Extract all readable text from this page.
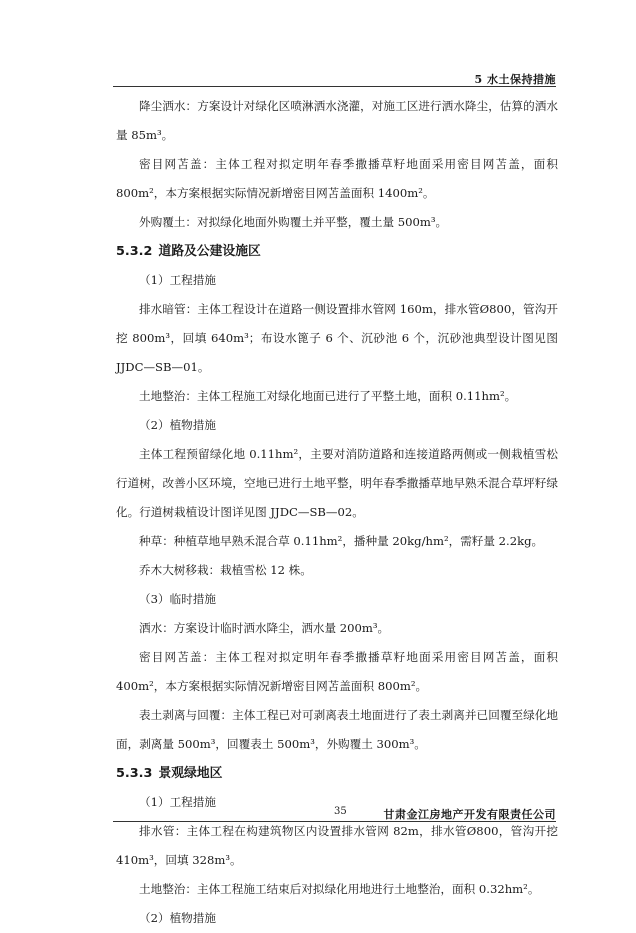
5 水土保持措施

降尘洒水：方案设计对绿化区喷淋洒水浇灌，对施工区进行洒水降尘，估算的洒水量 85m³。

密目网苫盖：主体工程对拟定明年春季撒播草籽地面采用密目网苫盖，面积 800m²，本方案根据实际情况新增密目网苫盖面积 1400m²。

外购覆土：对拟绿化地面外购覆土并平整，覆土量 500m³。

5.3.2 道路及公建设施区

（1）工程措施

排水暗管：主体工程设计在道路一侧设置排水管网 160m，排水管Ø800，管沟开挖 800m³，回填 640m³；布设水篦子 6 个、沉砂池 6 个，沉砂池典型设计图见图 JJDC—SB—01。

土地整治：主体工程施工对绿化地面已进行了平整土地，面积 0.11hm²。

（2）植物措施

主体工程预留绿化地 0.11hm²，主要对消防道路和连接道路两侧或一侧栽植雪松行道树，改善小区环境，空地已进行土地平整，明年春季撒播草地早熟禾混合草坪籽绿化。行道树栽植设计图详见图 JJDC—SB—02。

种草：种植草地早熟禾混合草 0.11hm²，播种量 20kg/hm²，需籽量 2.2kg。

乔木大树移栽：栽植雪松 12 株。

（3）临时措施

洒水：方案设计临时洒水降尘，洒水量 200m³。

密目网苫盖：主体工程对拟定明年春季撒播草籽地面采用密目网苫盖，面积 400m²，本方案根据实际情况新增密目网苫盖面积 800m²。

表土剥离与回覆：主体工程已对可剥离表土地面进行了表土剥离并已回覆至绿化地面，剥离量 500m³，回覆表土 500m³，外购覆土 300m³。

5.3.3 景观绿地区

（1）工程措施

排水管：主体工程在构建筑物区内设置排水管网 82m，排水管Ø800，管沟开挖 410m³，回填 328m³。

土地整治：主体工程施工结束后对拟绿化用地进行土地整治，面积 0.32hm²。

（2）植物措施

35	甘肃金江房地产开发有限责任公司
